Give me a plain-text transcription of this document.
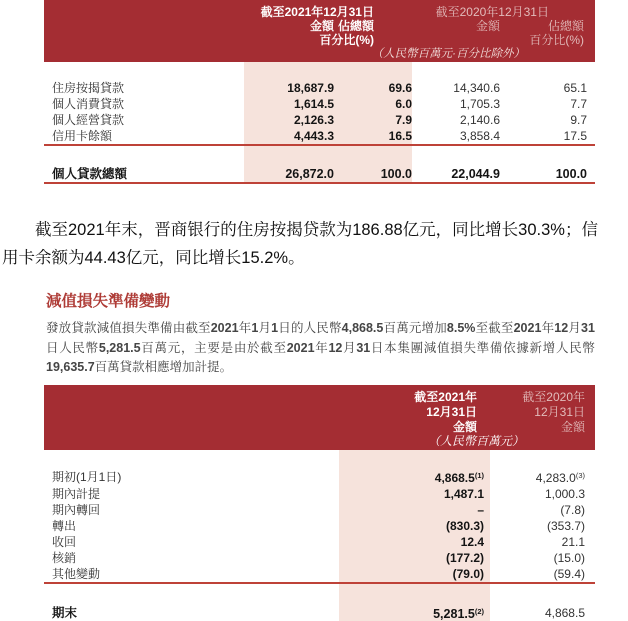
截至2021年12月31日	截至2020年12月31日
金額 佔總額	金額	佔總額
百分比(%)	百分比(%)
（人民幣百萬元·百分比除外）

住房按揭貸款	18,687.9	69.6	14,340.6	65.1
個人消費貸款	1,614.5	6.0	1,705.3	7.7
個人經營貸款	2,126.3	7.9	2,140.6	9.7
信用卡餘額	4,443.3	16.5	3,858.4	17.5

個人貸款總額	26,872.0	100.0	22,044.9	100.0

截至2021年末，晋商银行的住房按揭贷款为186.88亿元，同比增长30.3%；信用卡余额为44.43亿元，同比增长15.2%。

減值損失準備變動

發放貸款減值損失準備由截至2021年1月1日的人民幣4,868.5百萬元增加8.5%至截至2021年12月31日人民幣5,281.5百萬元，主要是由於截至2021年12月31日本集團減值損失準備依據新增人民幣19,635.7百萬貸款相應增加計提。

截至2021年	截至2020年
12月31日	12月31日
金額	金額
（人民幣百萬元）

期初(1月1日)	4,868.5$^{(1)}$	4,283.0$^{(3)}$	
期內計提	1,487.1	1,000.3	
期內轉回	–	(7.8)	
轉出	(830.3)	(353.7)	
收回	12.4	21.1	
核銷	(177.2)	(15.0)	
其他變動	(79.0)	(59.4)	

期末	5,281.5$^{(2)}$	4,868.5	
